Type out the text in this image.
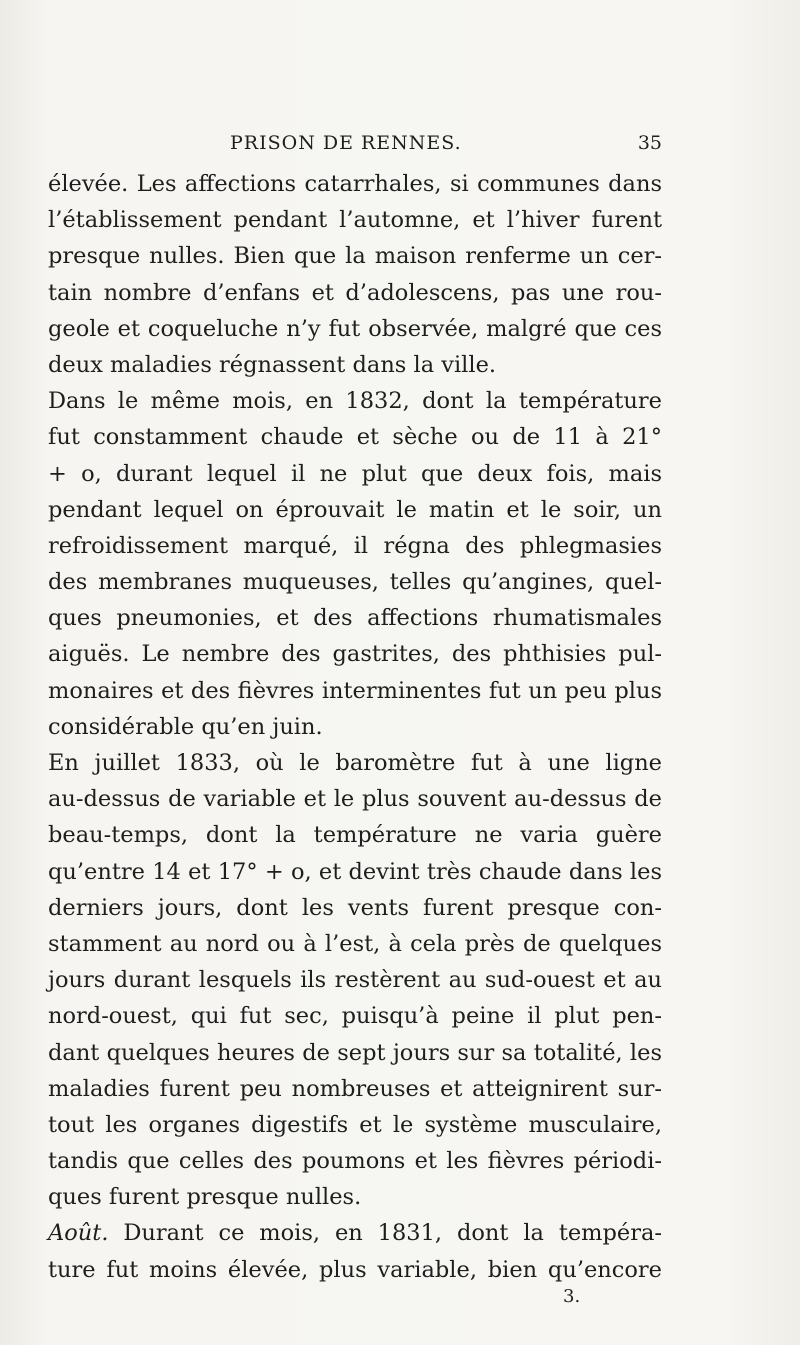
PRISON DE RENNES.	35
élevée. Les affections catarrhales, si communes dans
l’établissement pendant l’automne, et l’hiver furent
presque nulles. Bien que la maison renferme un cer-
tain nombre d’enfans et d’adolescens, pas une rou-
geole et coqueluche n’y fut observée, malgré que ces
deux maladies régnassent dans la ville.
Dans le même mois, en 1832, dont la température
fut constamment chaude et sèche ou de 11 à 21°
+ o, durant lequel il ne plut que deux fois, mais
pendant lequel on éprouvait le matin et le soir, un
refroidissement marqué, il régna des phlegmasies
des membranes muqueuses, telles qu’angines, quel-
ques pneumonies, et des affections rhumatismales
aiguës. Le nembre des gastrites, des phthisies pul-
monaires et des fièvres interminentes fut un peu plus
considérable qu’en juin.
En juillet 1833, où le baromètre fut à une ligne
au-dessus de variable et le plus souvent au-dessus de
beau-temps, dont la température ne varia guère
qu’entre 14 et 17° + o, et devint très chaude dans les
derniers jours, dont les vents furent presque con-
stamment au nord ou à l’est, à cela près de quelques
jours durant lesquels ils restèrent au sud-ouest et au
nord-ouest, qui fut sec, puisqu’à peine il plut pen-
dant quelques heures de sept jours sur sa totalité, les
maladies furent peu nombreuses et atteignirent sur-
tout les organes digestifs et le système musculaire,
tandis que celles des poumons et les fièvres périodi-
ques furent presque nulles.
Août. Durant ce mois, en 1831, dont la tempéra-
ture fut moins élevée, plus variable, bien qu’encore
3.
